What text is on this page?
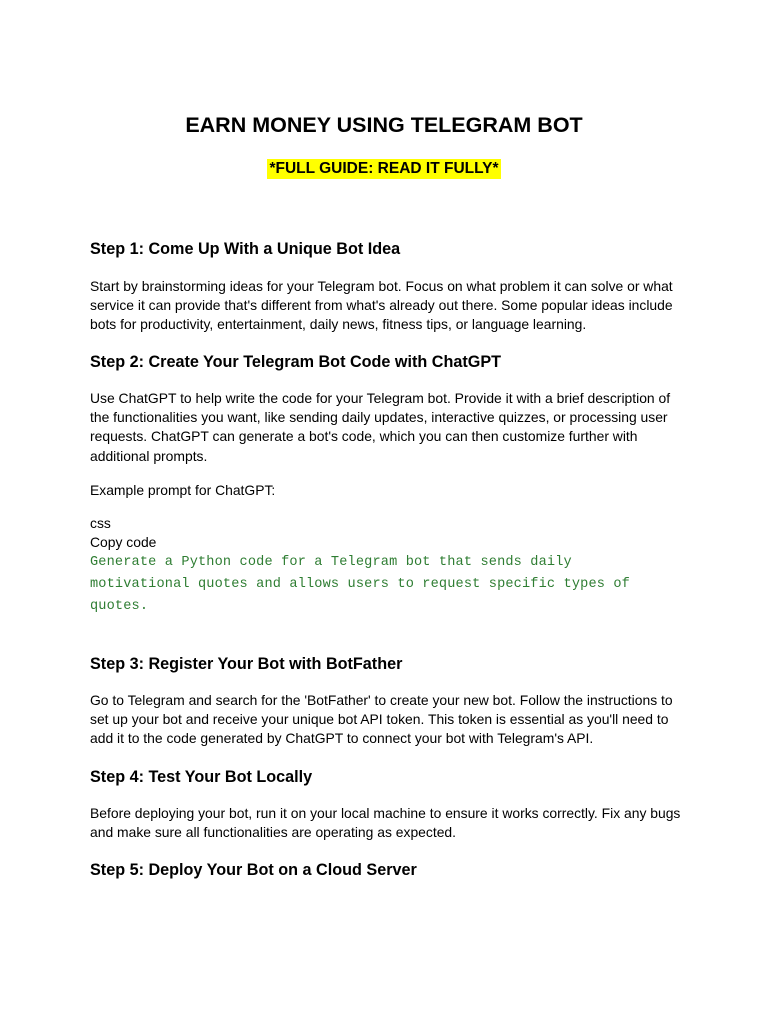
EARN MONEY USING TELEGRAM BOT
*FULL GUIDE: READ IT FULLY*
Step 1: Come Up With a Unique Bot Idea

Start by brainstorming ideas for your Telegram bot. Focus on what problem it can solve or what
service it can provide that's different from what's already out there. Some popular ideas include
bots for productivity, entertainment, daily news, fitness tips, or language learning.

Step 2: Create Your Telegram Bot Code with ChatGPT

Use ChatGPT to help write the code for your Telegram bot. Provide it with a brief description of
the functionalities you want, like sending daily updates, interactive quizzes, or processing user
requests. ChatGPT can generate a bot's code, which you can then customize further with
additional prompts.

Example prompt for ChatGPT:

css

Copy code

Generate a Python code for a Telegram bot that sends daily
motivational quotes and allows users to request specific types of
quotes.
Step 3: Register Your Bot with BotFather

Go to Telegram and search for the 'BotFather' to create your new bot. Follow the instructions to
set up your bot and receive your unique bot API token. This token is essential as you'll need to
add it to the code generated by ChatGPT to connect your bot with Telegram's API.

Step 4: Test Your Bot Locally

Before deploying your bot, run it on your local machine to ensure it works correctly. Fix any bugs
and make sure all functionalities are operating as expected.

Step 5: Deploy Your Bot on a Cloud Server
